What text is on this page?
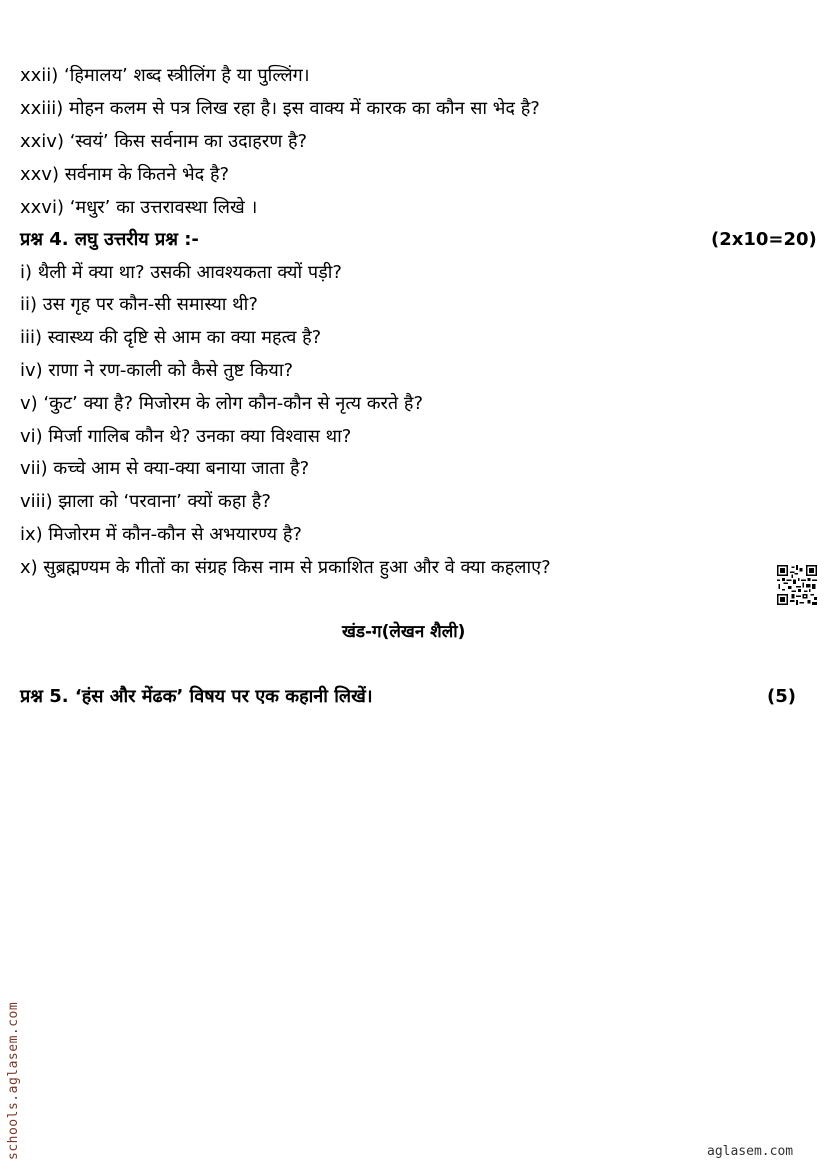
xxii) ‘हिमालय’ शब्द स्त्रीलिंग है या पुल्लिंग।
xxiii) मोहन कलम से पत्र लिख रहा है। इस वाक्य में कारक का कौन सा भेद है?
xxiv) ‘स्वयं’ किस सर्वनाम का उदाहरण है?
xxv) सर्वनाम के कितने भेद है?
xxvi) ‘मधुर’ का उत्तरावस्था लिखे ।
प्रश्न 4. लघु उत्तरीय प्रश्न :-	(2x10=20)
i) थैली में क्या था? उसकी आवश्यकता क्यों पड़ी?
ii) उस गृह पर कौन-सी समास्या थी?
iii) स्वास्थ्य की दृष्टि से आम का क्या महत्व है?
iv) राणा ने रण-काली को कैसे तुष्ट किया?
v) ‘कुट’ क्या है? मिजोरम के लोग कौन-कौन से नृत्य करते है?
vi) मिर्जा गालिब कौन थे? उनका क्या विश्वास था?
vii) कच्चे आम से क्या-क्या बनाया जाता है?
viii) झाला को ‘परवाना’ क्यों कहा है?
ix) मिजोरम में कौन-कौन से अभयारण्य है?
x) सुब्रह्मण्यम के गीतों का संग्रह किस नाम से प्रकाशित हुआ और वे क्या कहलाए?
खंड-ग(लेखन शैली)
प्रश्न 5. ‘हंस और मेंढक’ विषय पर एक कहानी लिखें।	(5)
schools.aglasem.com	aglasem.com
